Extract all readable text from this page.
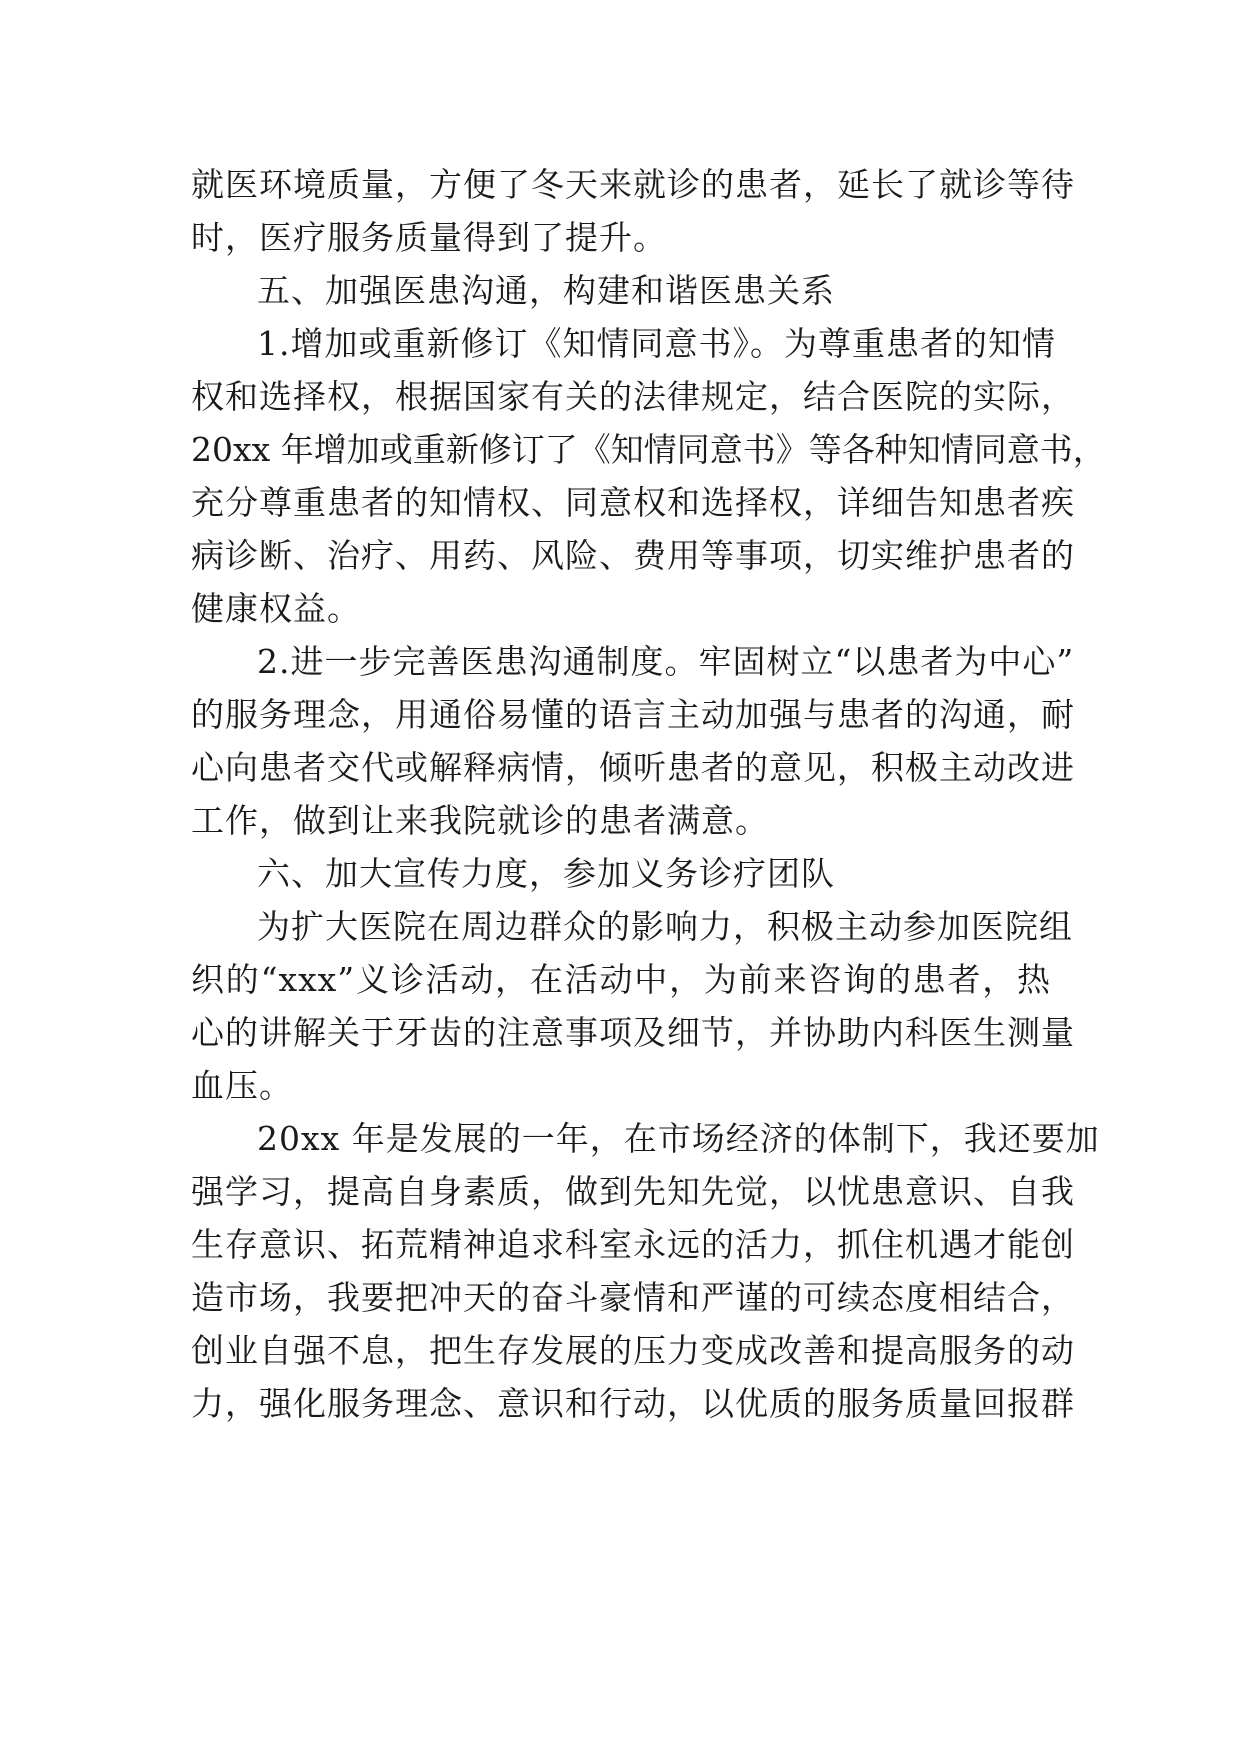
就医环境质量，方便了冬天来就诊的患者，延长了就诊等待
时，医疗服务质量得到了提升。
五、加强医患沟通，构建和谐医患关系
1.增加或重新修订《知情同意书》。为尊重患者的知情
权和选择权，根据国家有关的法律规定，结合医院的实际，
20xx 年增加或重新修订了《知情同意书》等各种知情同意书，
充分尊重患者的知情权、同意权和选择权，详细告知患者疾
病诊断、治疗、用药、风险、费用等事项，切实维护患者的
健康权益。
2.进一步完善医患沟通制度。牢固树立“以患者为中心”
的服务理念，用通俗易懂的语言主动加强与患者的沟通，耐
心向患者交代或解释病情，倾听患者的意见，积极主动改进
工作，做到让来我院就诊的患者满意。
六、加大宣传力度，参加义务诊疗团队
为扩大医院在周边群众的影响力，积极主动参加医院组
织的“xxx”义诊活动，在活动中，为前来咨询的患者，热
心的讲解关于牙齿的注意事项及细节，并协助内科医生测量
血压。
20xx 年是发展的一年，在市场经济的体制下，我还要加
强学习，提高自身素质，做到先知先觉，以忧患意识、自我
生存意识、拓荒精神追求科室永远的活力，抓住机遇才能创
造市场，我要把冲天的奋斗豪情和严谨的可续态度相结合，
创业自强不息，把生存发展的压力变成改善和提高服务的动
力，强化服务理念、意识和行动，以优质的服务质量回报群
